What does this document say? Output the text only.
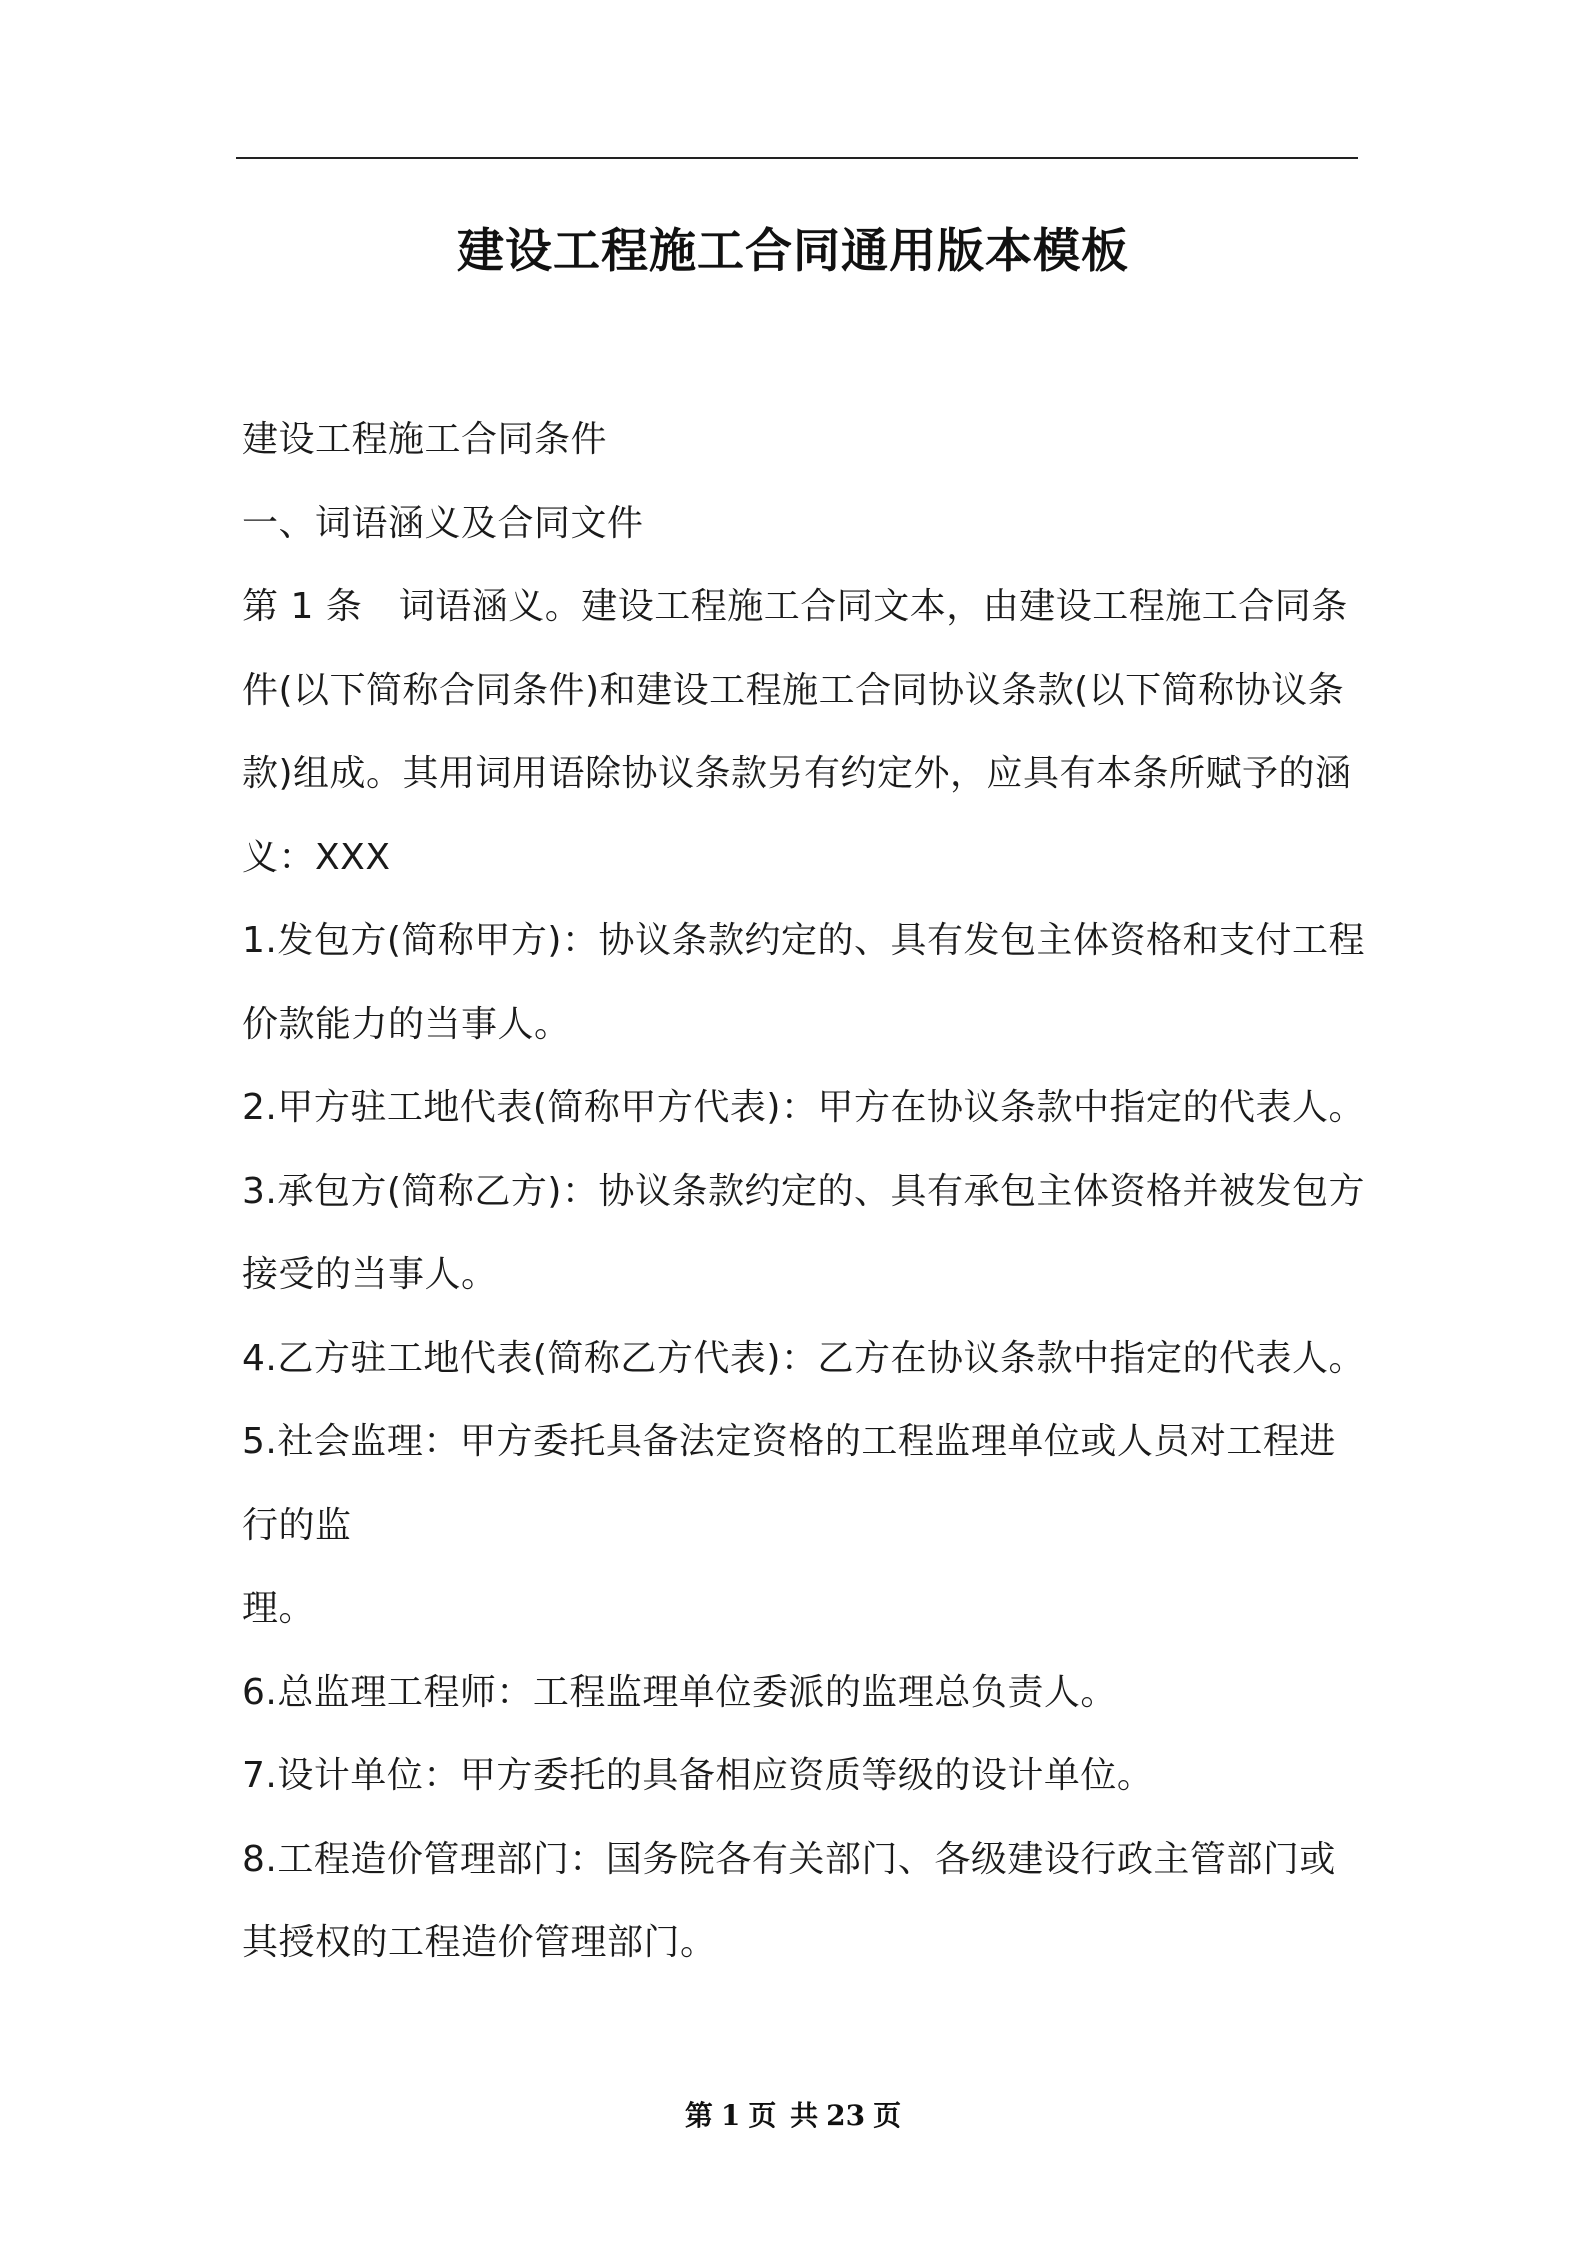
建设工程施工合同通用版本模板

建设工程施工合同条件

一、词语涵义及合同文件

第 1 条　词语涵义。建设工程施工合同文本，由建设工程施工合同条件(以下简称合同条件)和建设工程施工合同协议条款(以下简称协议条款)组成。其用词用语除协议条款另有约定外，应具有本条所赋予的涵义：XXX

1.发包方(简称甲方)：协议条款约定的、具有发包主体资格和支付工程价款能力的当事人。

2.甲方驻工地代表(简称甲方代表)：甲方在协议条款中指定的代表人。

3.承包方(简称乙方)：协议条款约定的、具有承包主体资格并被发包方接受的当事人。

4.乙方驻工地代表(简称乙方代表)：乙方在协议条款中指定的代表人。

5.社会监理：甲方委托具备法定资格的工程监理单位或人员对工程进行的监
理。

6.总监理工程师：工程监理单位委派的监理总负责人。

7.设计单位：甲方委托的具备相应资质等级的设计单位。

8.工程造价管理部门：国务院各有关部门、各级建设行政主管部门或其授权的工程造价管理部门。

第 1 页 共 23 页
